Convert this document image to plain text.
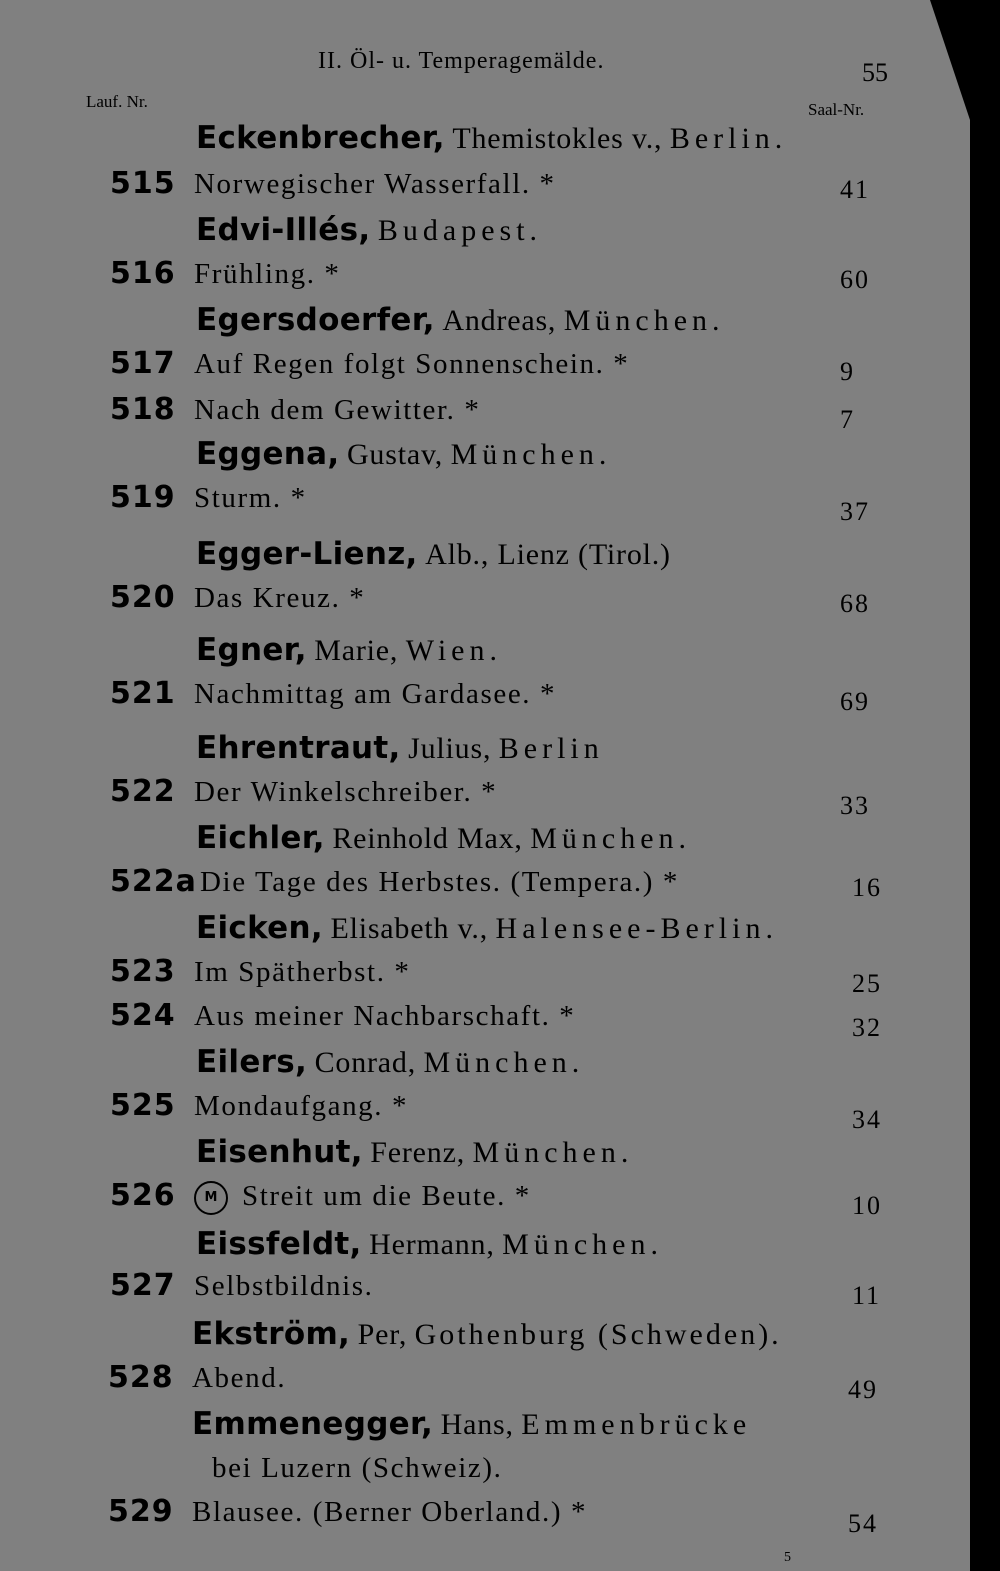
II. Öl- u. Temperagemälde.	55
Lauf. Nr.	Saal-Nr.
Eckenbrecher, Themistokles v., Berlin.
515 Norwegischer Wasserfall. *	41
Edvi-Illés, Budapest.
516 Frühling. *	60
Egersdoerfer, Andreas, München.
517 Auf Regen folgt Sonnenschein. *	9
518 Nach dem Gewitter. *	7
Eggena, Gustav, München.
519 Sturm. *	37
Egger-Lienz, Alb., Lienz (Tirol.)
520 Das Kreuz. *	68
Egner, Marie, Wien.
521 Nachmittag am Gardasee. *	69
Ehrentraut, Julius, Berlin
522 Der Winkelschreiber. *	33
Eichler, Reinhold Max, München.
522a Die Tage des Herbstes. (Tempera.) *	16
Eicken, Elisabeth v., Halensee-Berlin.
523 Im Spätherbst. *	25
524 Aus meiner Nachbarschaft. *	32
Eilers, Conrad, München.
525 Mondaufgang. *	34
Eisenhut, Ferenz, München.
526	M Streit um die Beute. *	10
Eissfeldt, Hermann, München.
527 Selbstbildnis.	11
Ekström, Per, Gothenburg (Schweden).
528 Abend.	49
Emmenegger, Hans, Emmenbrücke
bei Luzern (Schweiz).
529 Blausee. (Berner Oberland.) *	54
5
